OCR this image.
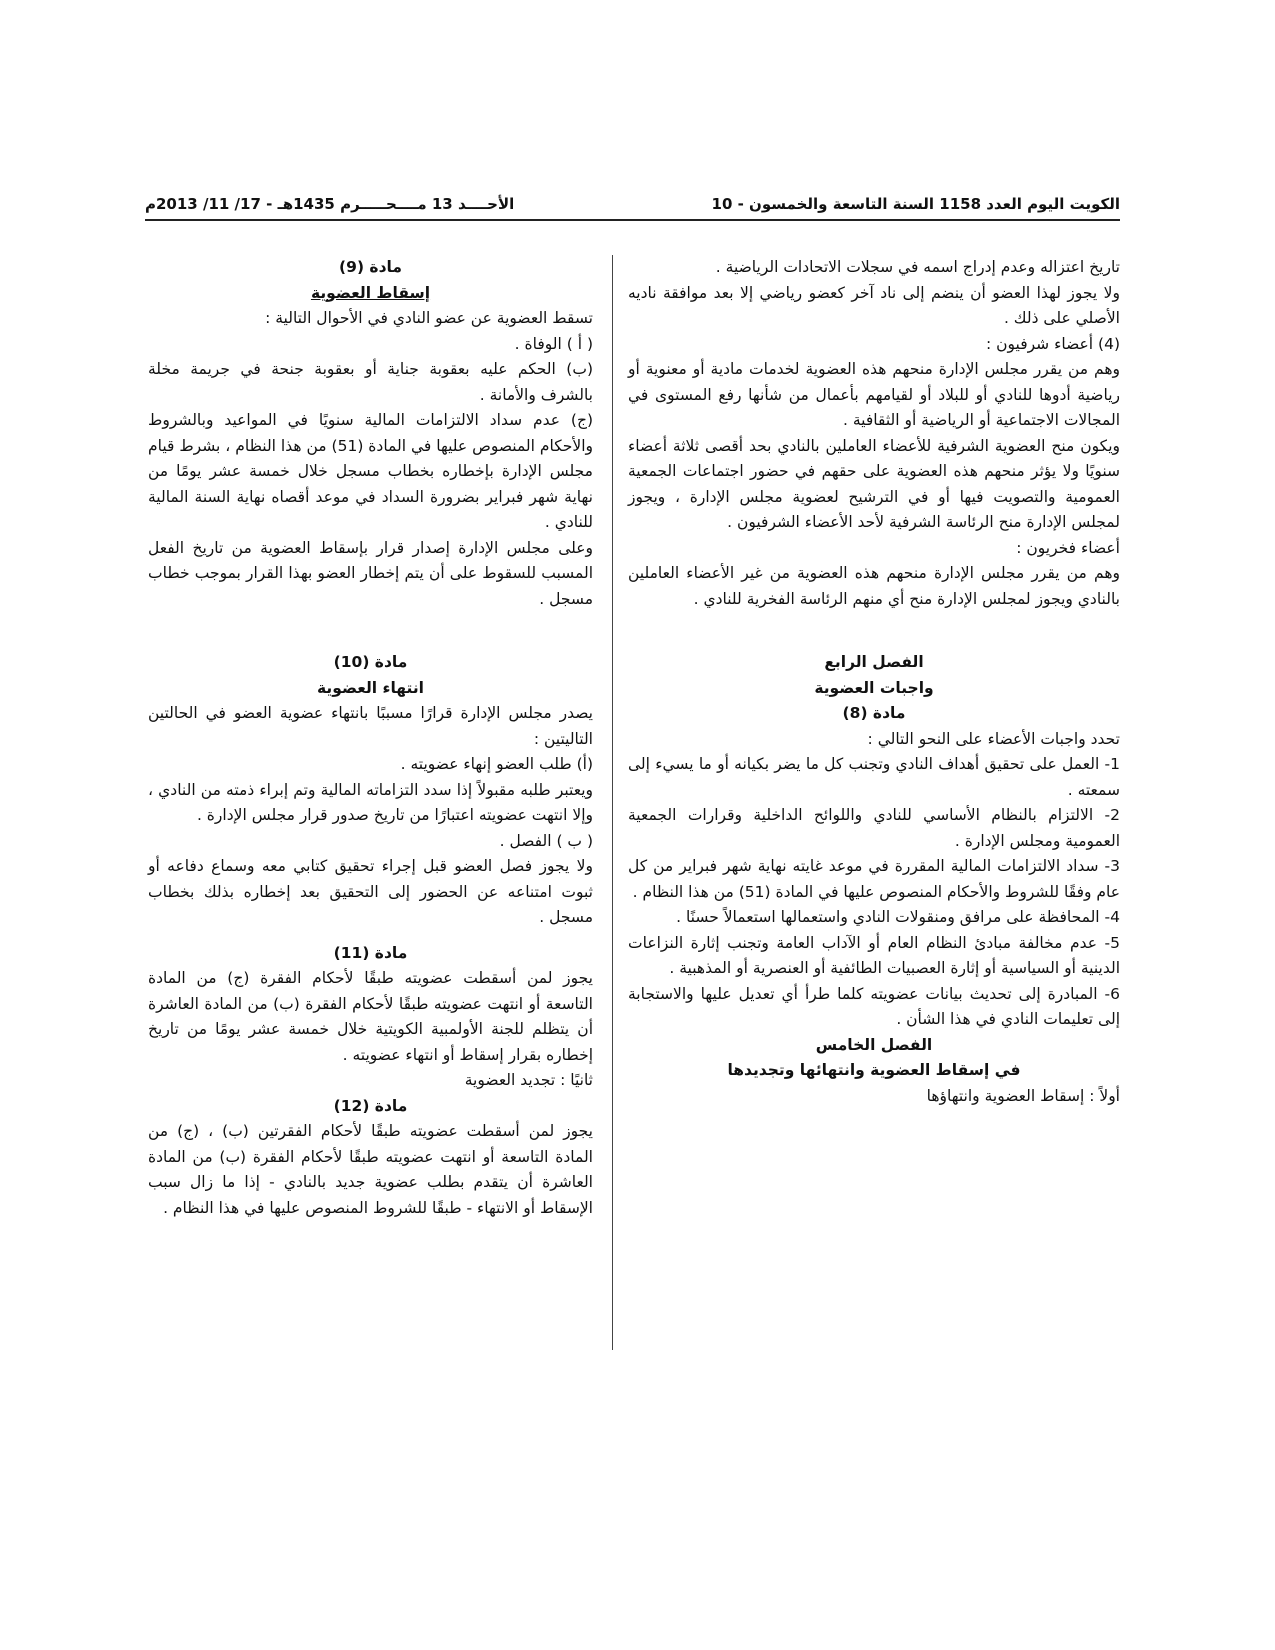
الكويت اليوم العدد 1158 السنة التاسعة والخمسون - 10
الأحــــد 13 مــــحـــــرم 1435هـ - 17/ 11/ 2013م

تاريخ اعتزاله وعدم إدراج اسمه في سجلات الاتحادات الرياضية .

ولا يجوز لهذا العضو أن ينضم إلى ناد آخر كعضو رياضي إلا بعد موافقة ناديه الأصلي على ذلك .

(4) أعضاء شرفيون :

وهم من يقرر مجلس الإدارة منحهم هذه العضوية لخدمات مادية أو معنوية أو رياضية أدوها للنادي أو للبلاد أو لقيامهم بأعمال من شأنها رفع المستوى في المجالات الاجتماعية أو الرياضية أو الثقافية .

ويكون منح العضوية الشرفية للأعضاء العاملين بالنادي بحد أقصى ثلاثة أعضاء سنويًا ولا يؤثر منحهم هذه العضوية على حقهم في حضور اجتماعات الجمعية العمومية والتصويت فيها أو في الترشيح لعضوية مجلس الإدارة ، ويجوز لمجلس الإدارة منح الرئاسة الشرفية لأحد الأعضاء الشرفيون .

أعضاء فخريون :

وهم من يقرر مجلس الإدارة منحهم هذه العضوية من غير الأعضاء العاملين بالنادي ويجوز لمجلس الإدارة منح أي منهم الرئاسة الفخرية للنادي .

الفصل الرابع

واجبات العضوية

مادة (8)

تحدد واجبات الأعضاء على النحو التالي :

1- العمل على تحقيق أهداف النادي وتجنب كل ما يضر بكيانه أو ما يسيء إلى سمعته .

2- الالتزام بالنظام الأساسي للنادي واللوائح الداخلية وقرارات الجمعية العمومية ومجلس الإدارة .

3- سداد الالتزامات المالية المقررة في موعد غايته نهاية شهر فبراير من كل عام وفقًا للشروط والأحكام المنصوص عليها في المادة (51) من هذا النظام .

4- المحافظة على مرافق ومنقولات النادي واستعمالها استعمالاً حسنًا .

5- عدم مخالفة مبادئ النظام العام أو الآداب العامة وتجنب إثارة النزاعات الدينية أو السياسية أو إثارة العصبيات الطائفية أو العنصرية أو المذهبية .

6- المبادرة إلى تحديث بيانات عضويته كلما طرأ أي تعديل عليها والاستجابة إلى تعليمات النادي في هذا الشأن .

الفصل الخامس

في إسقاط العضوية وانتهائها وتجديدها

أولاً : إسقاط العضوية وانتهاؤها

مادة (9)

إسقاط العضوية

تسقط العضوية عن عضو النادي في الأحوال التالية :

( أ ) الوفاة .

(ب) الحكم عليه بعقوبة جناية أو بعقوبة جنحة في جريمة مخلة بالشرف والأمانة .

(ج) عدم سداد الالتزامات المالية سنويًا في المواعيد وبالشروط والأحكام المنصوص عليها في المادة (51) من هذا النظام ، بشرط قيام مجلس الإدارة بإخطاره بخطاب مسجل خلال خمسة عشر يومًا من نهاية شهر فبراير بضرورة السداد في موعد أقصاه نهاية السنة المالية للنادي .

وعلى مجلس الإدارة إصدار قرار بإسقاط العضوية من تاريخ الفعل المسبب للسقوط على أن يتم إخطار العضو بهذا القرار بموجب خطاب مسجل .

مادة (10)

انتهاء العضوية

يصدر مجلس الإدارة قرارًا مسببًا بانتهاء عضوية العضو في الحالتين التاليتين :

(أ) طلب العضو إنهاء عضويته .

ويعتبر طلبه مقبولاً إذا سدد التزاماته المالية وتم إبراء ذمته من النادي ، وإلا انتهت عضويته اعتبارًا من تاريخ صدور قرار مجلس الإدارة .

( ب ) الفصل .

ولا يجوز فصل العضو قبل إجراء تحقيق كتابي معه وسماع دفاعه أو ثبوت امتناعه عن الحضور إلى التحقيق بعد إخطاره بذلك بخطاب مسجل .

مادة (11)

يجوز لمن أسقطت عضويته طبقًا لأحكام الفقرة (ج) من المادة التاسعة أو انتهت عضويته طبقًا لأحكام الفقرة (ب) من المادة العاشرة أن يتظلم للجنة الأولمبية الكويتية خلال خمسة عشر يومًا من تاريخ إخطاره بقرار إسقاط أو انتهاء عضويته .

ثانيًا : تجديد العضوية

مادة (12)

يجوز لمن أسقطت عضويته طبقًا لأحكام الفقرتين (ب) ، (ج) من المادة التاسعة أو انتهت عضويته طبقًا لأحكام الفقرة (ب) من المادة العاشرة أن يتقدم بطلب عضوية جديد بالنادي - إذا ما زال سبب الإسقاط أو الانتهاء - طبقًا للشروط المنصوص عليها في هذا النظام .
